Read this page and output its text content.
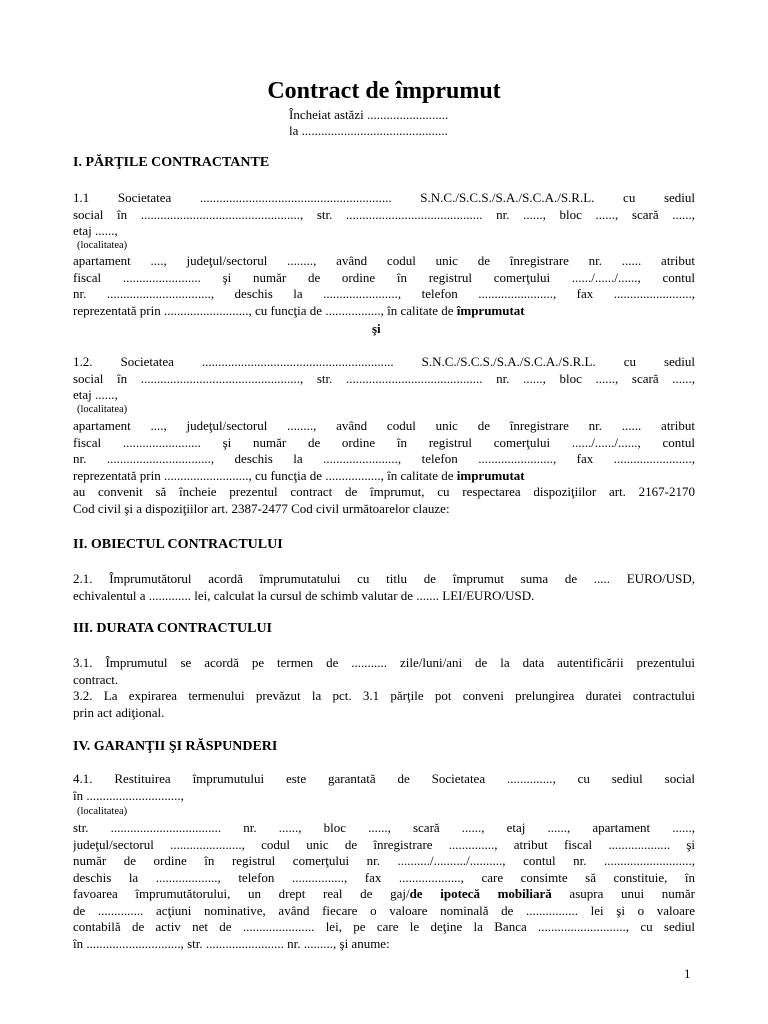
Contract de împrumut
Încheiat astăzi .........................
la .............................................
I. PĂRŢILE CONTRACTANTE
1.1 Societatea ........................................................... S.N.C./S.C.S./S.A./S.C.A./S.R.L. cu sediul
social în ................................................., str. .......................................... nr. ......, bloc ......, scară ......,
etaj ......,
(localitatea)
apartament ...., judeţul/sectorul ........, având codul unic de înregistrare nr. ...... atribut
fiscal ........................ şi număr de ordine în registrul comerţului ....../....../......, contul
nr. ................................, deschis la ......................., telefon ......................., fax ........................,
reprezentată prin .........................., cu funcţia de ................., în calitate de împrumutat
şi
1.2. Societatea ........................................................... S.N.C./S.C.S./S.A./S.C.A./S.R.L. cu sediul
social în ................................................., str. .......................................... nr. ......, bloc ......, scară ......,
etaj ......,
(localitatea)
apartament ...., judeţul/sectorul ........, având codul unic de înregistrare nr. ...... atribut
fiscal ........................ şi număr de ordine în registrul comerţului ....../....../......, contul
nr. ................................, deschis la ......................., telefon ......................., fax ........................,
reprezentată prin .........................., cu funcţia de ................., în calitate de imprumutat
au convenit să încheie prezentul contract de împrumut, cu respectarea dispoziţiilor art. 2167-2170
Cod civil şi a dispoziţiilor art. 2387-2477 Cod civil următoarelor clauze:
II. OBIECTUL CONTRACTULUI
2.1. Împrumutătorul acordă împrumutatului cu titlu de împrumut suma de ..... EURO/USD,
echivalentul a ............. lei, calculat la cursul de schimb valutar de ....... LEI/EURO/USD.
III. DURATA CONTRACTULUI
3.1. Împrumutul se acordă pe termen de ........... zile/luni/ani de la data autentificării prezentului
contract.
3.2. La expirarea termenului prevăzut la pct. 3.1 părţile pot conveni prelungirea duratei contractului
prin act adiţional.
IV. GARANŢII ŞI RĂSPUNDERI
4.1. Restituirea împrumutului este garantată de Societatea .............., cu sediul social
în .............................,
(localitatea)
str. .................................. nr. ......, bloc ......, scară ......, etaj ......, apartament ......,
judeţul/sectorul ......................, codul unic de înregistrare .............., atribut fiscal ................... şi
număr de ordine în registrul comerţului nr. ........../........../.........., contul nr. ...........................,
deschis la ..................., telefon ................, fax ..................., care consimte să constituie, în
favoarea împrumutătorului, un drept real de gaj/de ipotecă mobiliară asupra unui număr
de .............. acţiuni nominative, având fiecare o valoare nominală de ................ lei şi o valoare
contabilă de activ net de ...................... lei, pe care le deţine la Banca ..........................., cu sediul
în ............................., str. ........................ nr. ........., şi anume:
1
